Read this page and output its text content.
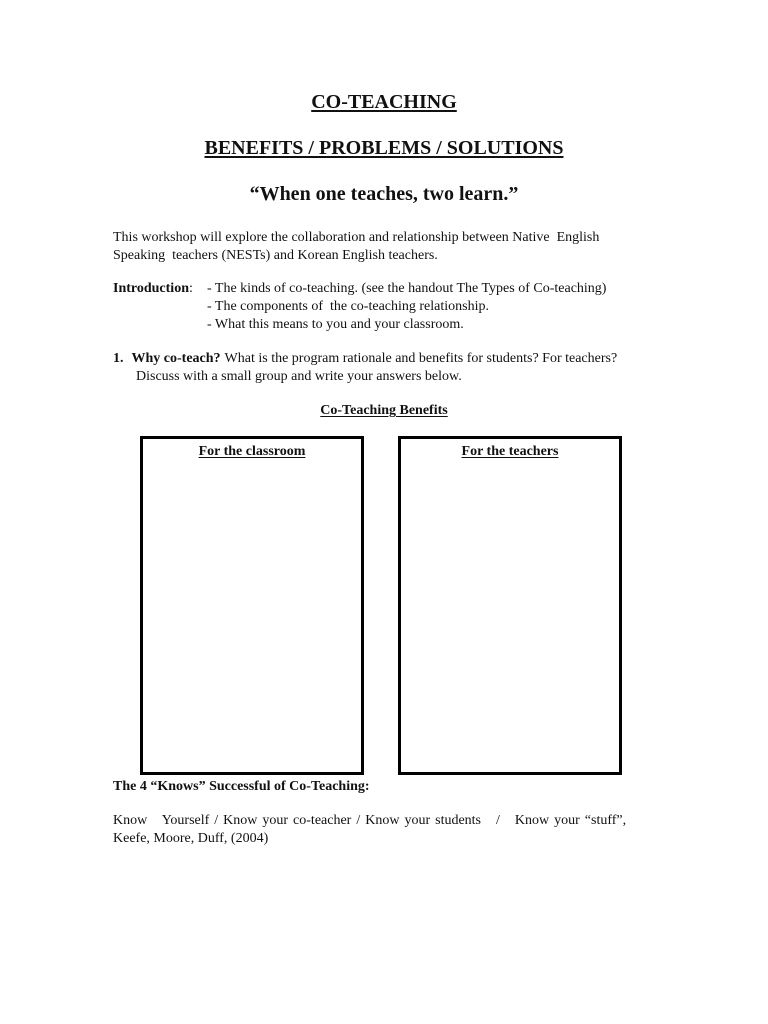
CO-TEACHING
BENEFITS / PROBLEMS / SOLUTIONS
“When one teaches, two learn.”
This workshop will explore the collaboration and relationship between Native  English
Speaking  teachers (NESTs) and Korean English teachers.
Introduction: - The kinds of co-teaching. (see the handout The Types of Co-teaching)
- The components of  the co-teaching relationship.
- What this means to you and your classroom.
1. Why co-teach? What is the program rationale and benefits for students? For teachers?
Discuss with a small group and write your answers below.
Co-Teaching Benefits
For the classroom	For the teachers
The 4 “Knows” Successful of Co-Teaching:
Know   Yourself / Know your co-teacher / Know your students   /   Know your “stuff”,
Keefe, Moore, Duff, (2004)
